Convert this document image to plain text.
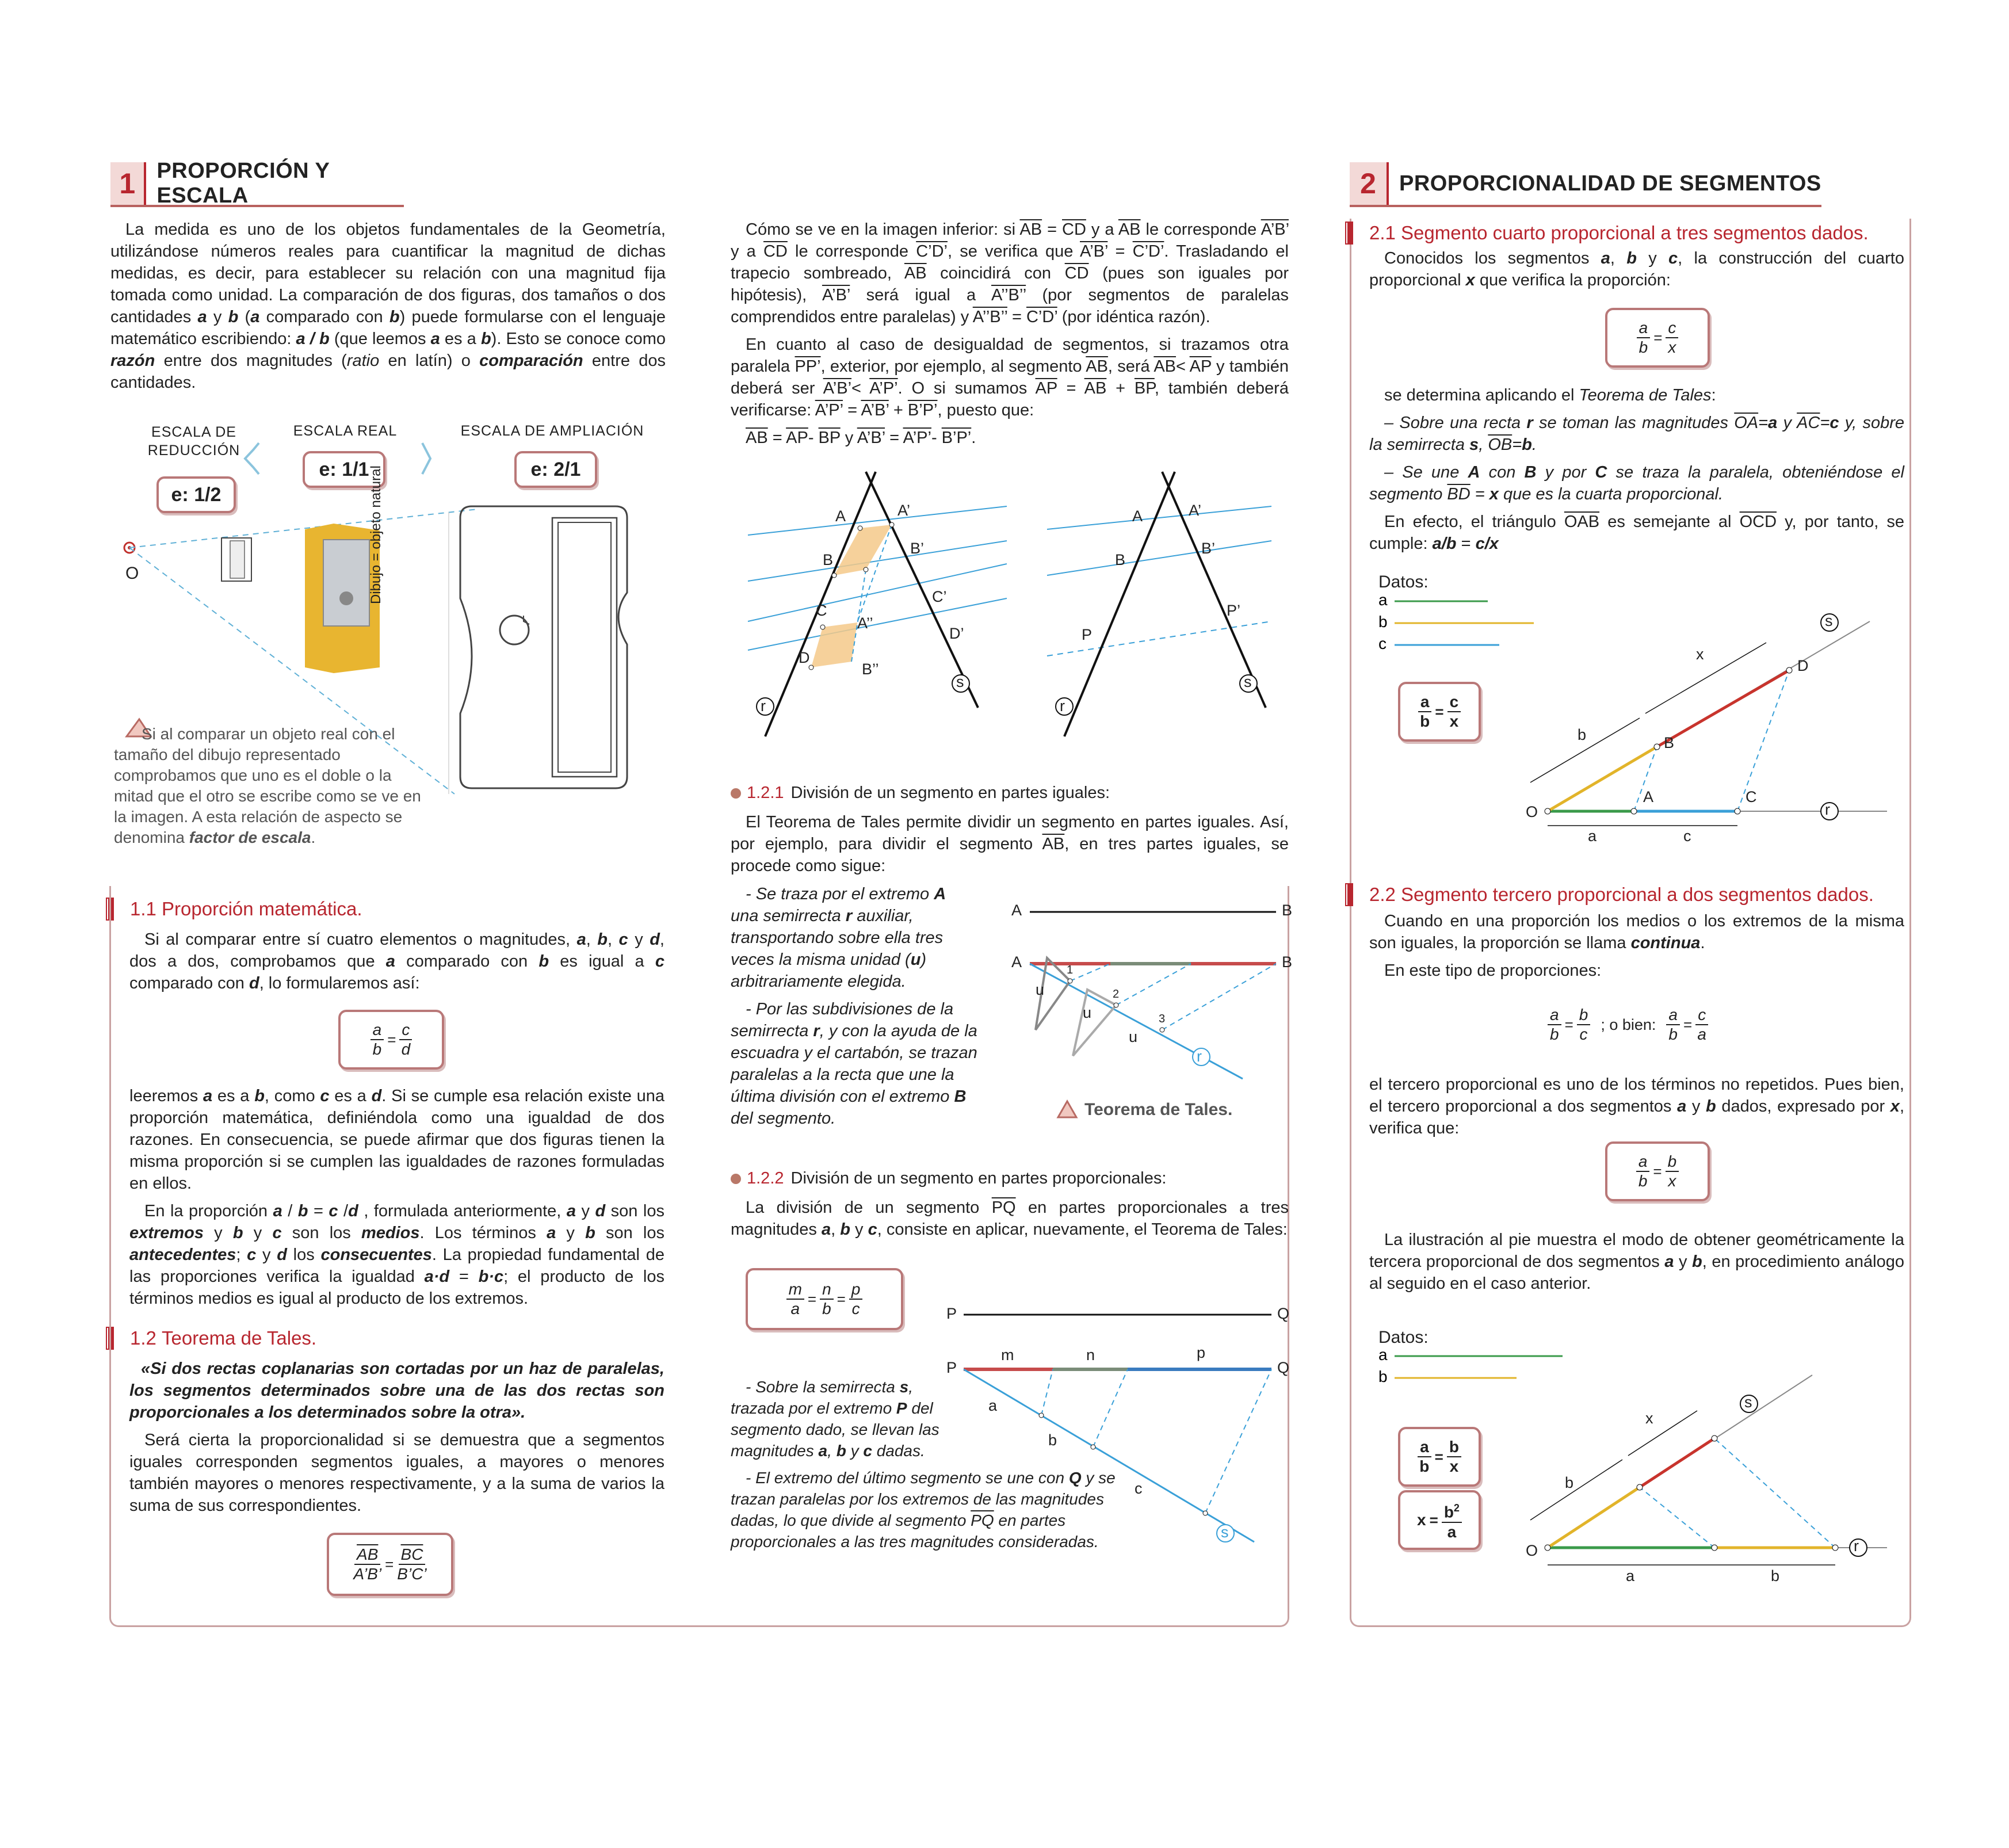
1 PROPORCIÓN Y ESCALA

La medida es uno de los objetos fundamentales de la Geometría, utilizándose números reales para cuantificar la magnitud de dichas medidas, es decir, para establecer su relación con una magnitud fija tomada como unidad. La comparación de dos figuras, dos tamaños o dos cantidades a y b (a comparado con b) puede formularse con el lenguaje matemático escribiendo: a / b (que leemos a es a b). Esto se conoce como razón entre dos magnitudes (ratio en latín) o comparación entre dos cantidades.

ESCALA DE REDUCCIÓN
ESCALA REAL	ESCALA DE AMPLIACIÓN
e: 1/2
e: 1/1	e: 2/1
O	Dibujo = objeto natural

Si al comparar un objeto real con el tamaño del dibujo representado comprobamos que uno es el doble o la mitad que el otro se escribe como se ve en la imagen. A esta relación de aspecto se denomina factor de escala.

1.1
Proporción matemática.

Si al comparar entre sí cuatro elementos o magnitudes, a, b, c y d, dos a dos, comprobamos que a comparado con b es igual a c comparado con d, lo formularemos así:

$\frac{a}{b} = \frac{c}{d}$

leeremos a es a b, como c es a d. Si se cumple esa relación existe una proporción matemática, definiéndola como una igualdad de dos razones. En consecuencia, se puede afirmar que dos figuras tienen la misma proporción si se cumplen las igualdades de razones formuladas en ellos.

En la proporción a / b = c /d , formulada anteriormente, a y d son los extremos y b y c son los medios. Los términos a y b son los antecedentes; c y d los consecuentes. La propiedad fundamental de las proporciones verifica la igualdad a·d = b·c; el producto de los términos medios es igual al producto de los extremos.

1.2
Teorema de Tales.

«Si dos rectas coplanarias son cortadas por un haz de paralelas, los segmentos determinados sobre una de las dos rectas son proporcionales a los determinados sobre la otra».

Será cierta la proporcionalidad si se demuestra que a segmentos iguales corresponden segmentos iguales, a mayores o menores también mayores o menores respectivamente, y a la suma de varios la suma de sus correspondientes.

$\frac{\overline{AB}}{A’B’} = \frac{\overline{BC}}{B’C’}$

Cómo se ve en la imagen inferior: si $\overline{AB} = \overline{CD}$ y a $\overline{AB}$ le corresponde A’B’ y a $\overline{CD}$ le corresponde C’D’, se verifica que A’B’ = C’D’. Trasladando el trapecio sombreado, $\overline{AB}$ coincidirá con $\overline{CD}$ (pues son iguales por hipótesis), A’B’ será igual a A’’B’’ (por segmentos de paralelas comprendidos entre paralelas) y A’’B’’ = C’D’ (por idéntica razón).

En cuanto al caso de desigualdad de segmentos, si trazamos otra paralela PP’, exterior, por ejemplo, al segmento $\overline{AB}$, será $\overline{AB}< \overline{AP}$ y también deberá ser A’B’< A’P’. O si sumamos $\overline{AP} = \overline{AB} + \overline{BP}$, también deberá verificarse: A’P’ = A’B’ + B’P’, puesto que:

$\overline{AB} = \overline{AP}-$ $\overline{BP}$ y A’B’ = A’P’- B’P’.

A	A’
B
B’
C
C’
A’’
D
D’
B’’
r
s
A	A’
B
B’
P
P’
r
s
1.2.1 División de un segmento en partes iguales:

El Teorema de Tales permite dividir un segmento en partes iguales. Así, por ejemplo, para dividir el segmento $\overline{AB}$, en tres partes iguales, se procede como sigue:

- Se traza por el extremo A una semirrecta r auxiliar, transportando sobre ella tres veces la misma unidad (u) arbitrariamente elegida.

- Por las subdivisiones de la semirrecta r, y con la ayuda de la escuadra y el cartabón, se trazan paralelas a la recta que une la última división con el extremo B del segmento.

A	B
A	B
u
u
u
1
2
3
r
Teorema de Tales.
1.2.2 División de un segmento en partes proporcionales:

La división de un segmento $\overline{PQ}$ en partes proporcionales a tres magnitudes a, b y c, consiste en aplicar, nuevamente, el Teorema de Tales:

$\frac{m}{a} = \frac{n}{b} = \frac{p}{c}$

- Sobre la semirrecta s, trazada por el extremo P del segmento dado, se llevan las magnitudes a, b y c dadas.

- El extremo del último segmento se une con Q y se trazan paralelas por los extremos de las magnitudes dadas, lo que divide al segmento $\overline{PQ}$ en partes proporcionales a las tres magnitudes consideradas.

P	Q
P	Q
m	n	p
a
b
c
s
2	PROPORCIONALIDAD DE SEGMENTOS
2.1
Segmento cuarto proporcional a tres segmentos dados.

Conocidos los segmentos a, b y c, la construcción del cuarto proporcional x que verifica la proporción:

$\frac{a}{b} = \frac{c}{x}$

se determina aplicando el Teorema de Tales:

– Sobre una recta r se toman las magnitudes $\overline{OA}=a$ y $\overline{AC}=c$ y, sobre la semirrecta s, $\overline{OB}=b$.

– Se une A con B y por C se traza la paralela, obteniéndose el segmento $\overline{BD} = x$ que es la cuarta proporcional.

En efecto, el triángulo $\overline{OAB}$ es semejante al $\overline{OCD}$ y, por tanto, se cumple: a/b = c/x

Datos:
a
b
c
$\frac{a}{b} = \frac{c}{x}$
O
A	C
B
D
r
s
a	c
b
x
2.2
Segmento tercero proporcional a dos segmentos dados.

Cuando en una proporción los medios o los extremos de la misma son iguales, la proporción se llama continua.

En este tipo de proporciones:

$\frac{a}{b} = \frac{b}{c}$ ; o bien: $\frac{a}{b} = \frac{c}{a}$

el tercero proporcional es uno de los términos no repetidos. Pues bien, el tercero proporcional a dos segmentos a y b dados, expresado por x, verifica que:

$\frac{a}{b} = \frac{b}{x}$

La ilustración al pie muestra el modo de obtener geométricamente la tercera proporcional de dos segmentos a y b, en procedimiento análogo al seguido en el caso anterior.

Datos:
a
b
$\frac{a}{b} = \frac{b}{x}$
$x = \frac{b^2}{a}$
O	r
s
a	b
b
x
